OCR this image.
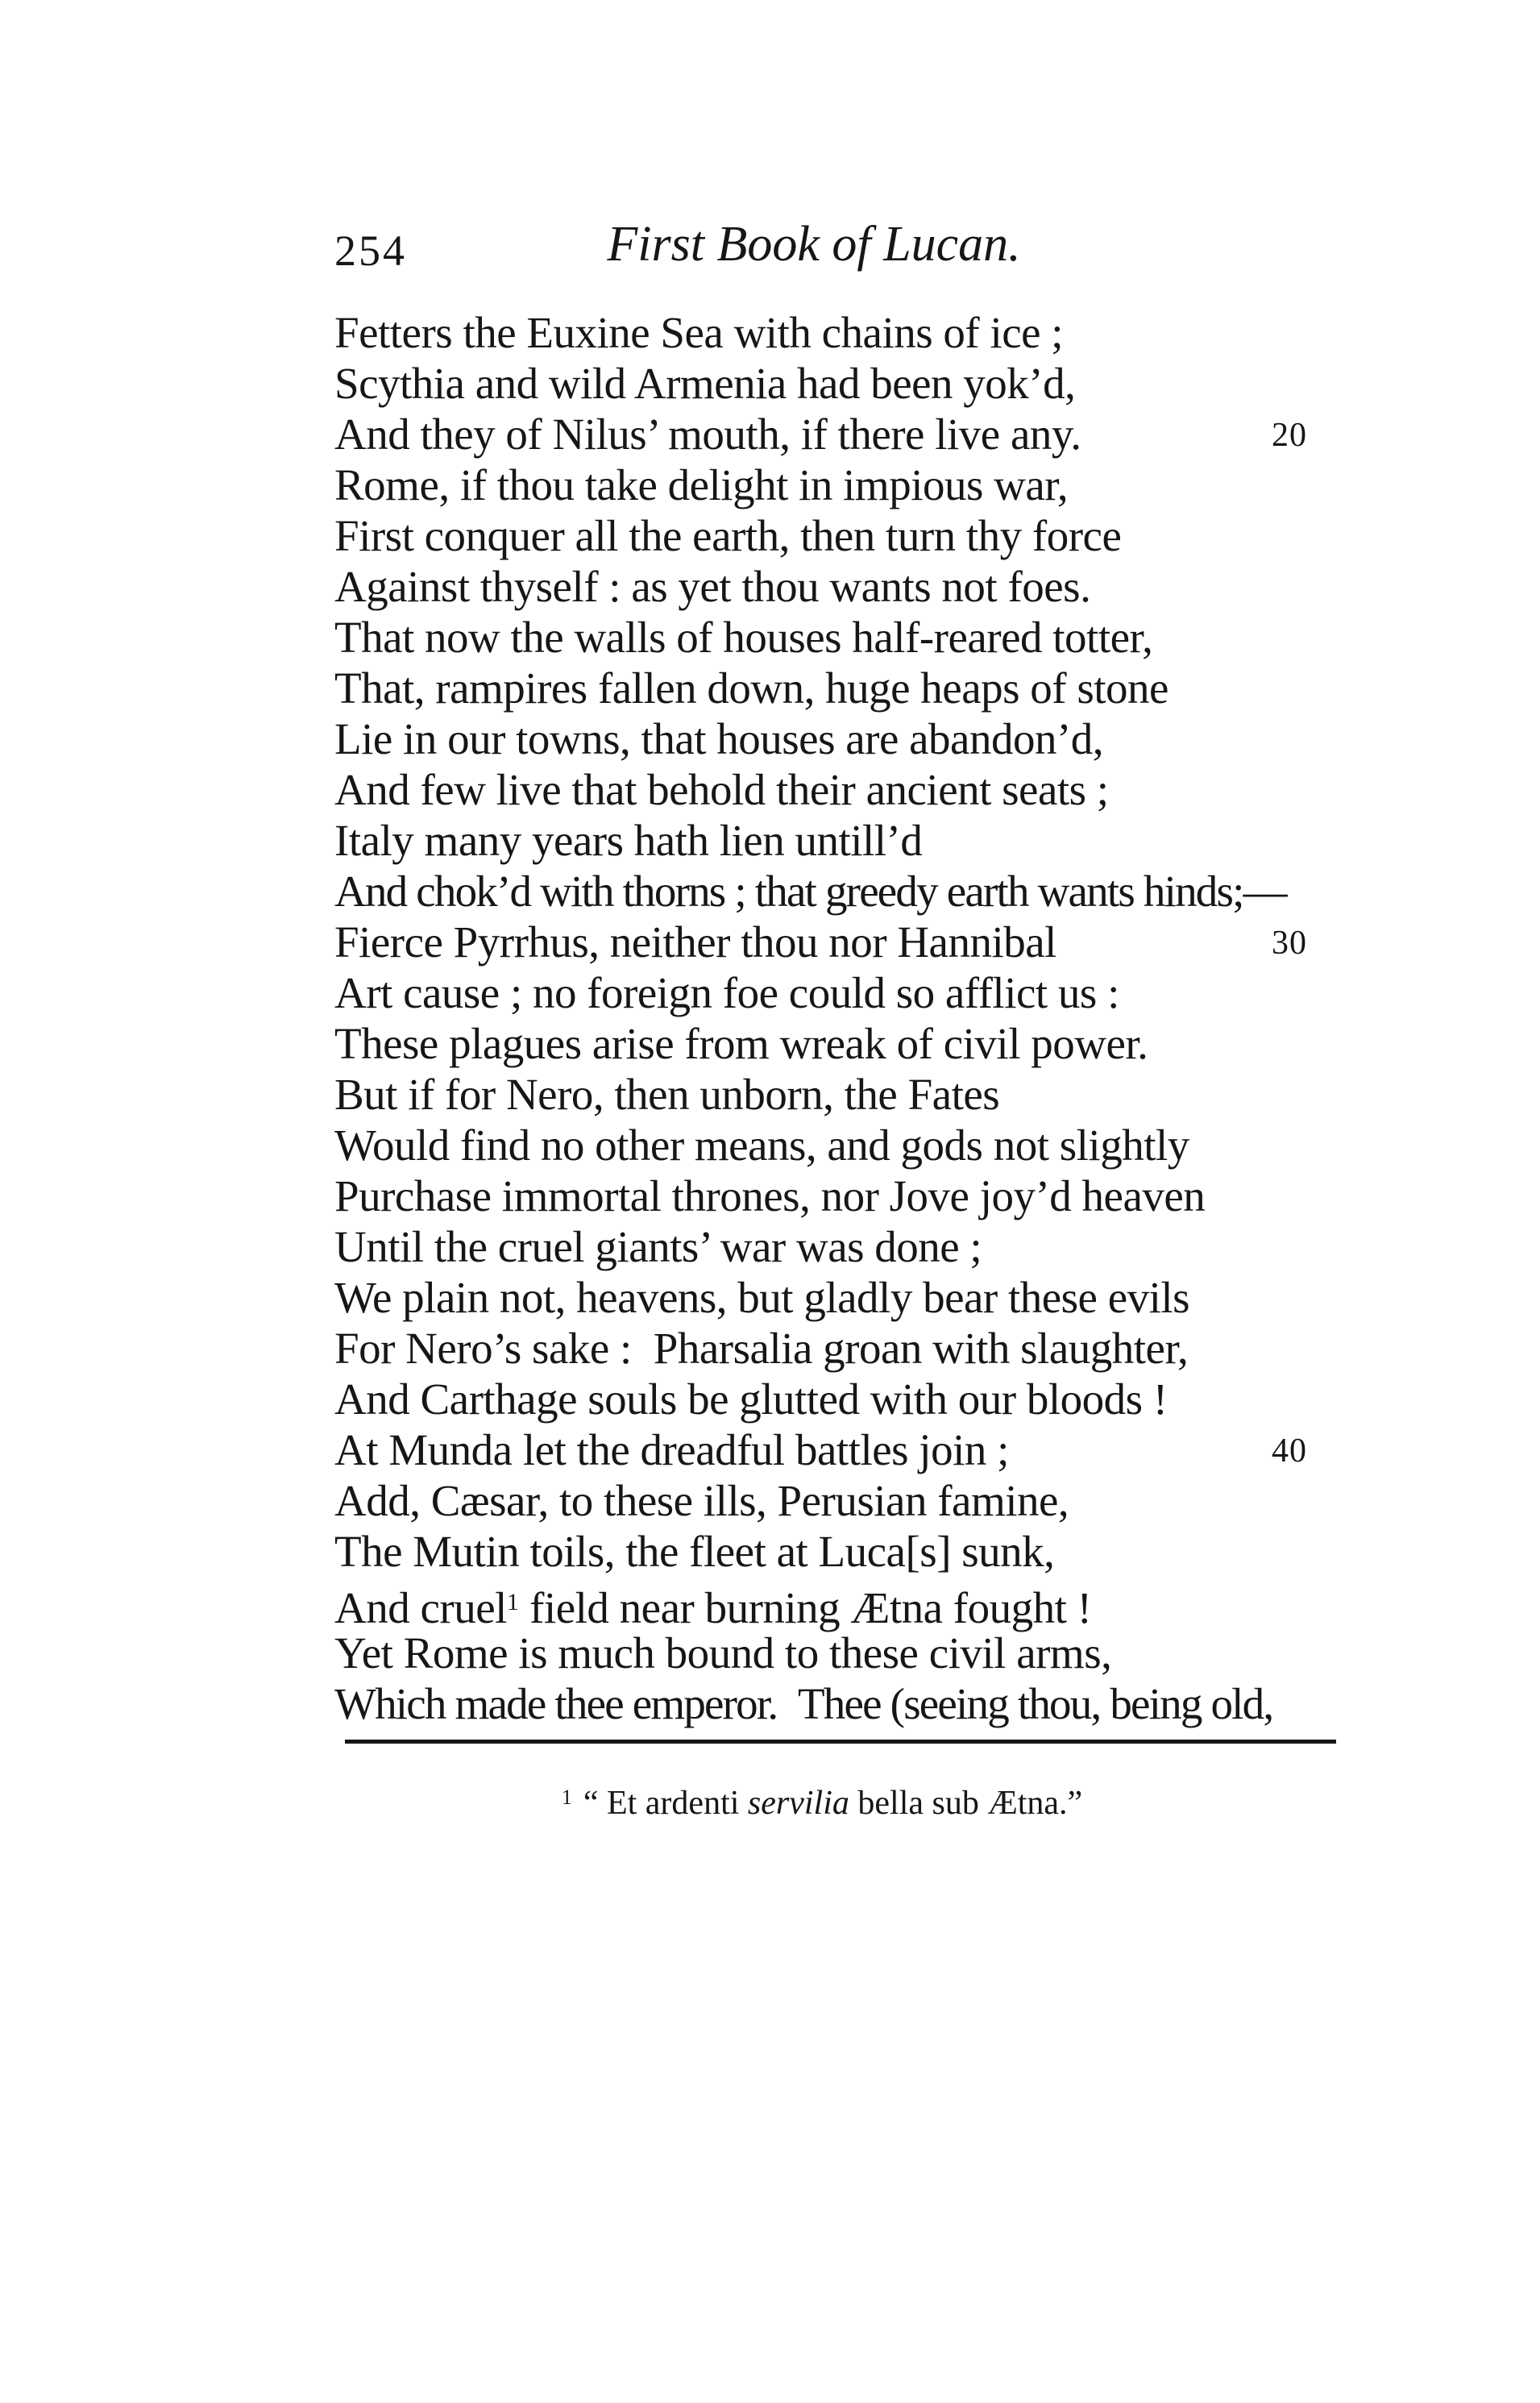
254	First Book of Lucan.
Fetters the Euxine Sea with chains of ice ;
Scythia and wild Armenia had been yok’d,
And they of Nilus’ mouth, if there live any.	20
Rome, if thou take delight in impious war,
First conquer all the earth, then turn thy force
Against thyself : as yet thou wants not foes.
That now the walls of houses half-reared totter,
That, rampires fallen down, huge heaps of stone
Lie in our towns, that houses are abandon’d,
And few live that behold their ancient seats ;
Italy many years hath lien untill’d
And chok’d with thorns ; that greedy earth wants hinds;—
Fierce Pyrrhus, neither thou nor Hannibal	30
Art cause ; no foreign foe could so afflict us :
These plagues arise from wreak of civil power.
But if for Nero, then unborn, the Fates
Would find no other means, and gods not slightly
Purchase immortal thrones, nor Jove joy’d heaven
Until the cruel giants’ war was done ;
We plain not, heavens, but gladly bear these evils
For Nero’s sake : Pharsalia groan with slaughter,
And Carthage souls be glutted with our bloods !
At Munda let the dreadful battles join ;	40
Add, Cæsar, to these ills, Perusian famine,
The Mutin toils, the fleet at Luca[s] sunk,
And cruel$^1$ field near burning Ætna fought !
Yet Rome is much bound to these civil arms,
Which made thee emperor. Thee (seeing thou, being old,
$^1$ “ Et ardenti servilia bella sub Ætna.”
